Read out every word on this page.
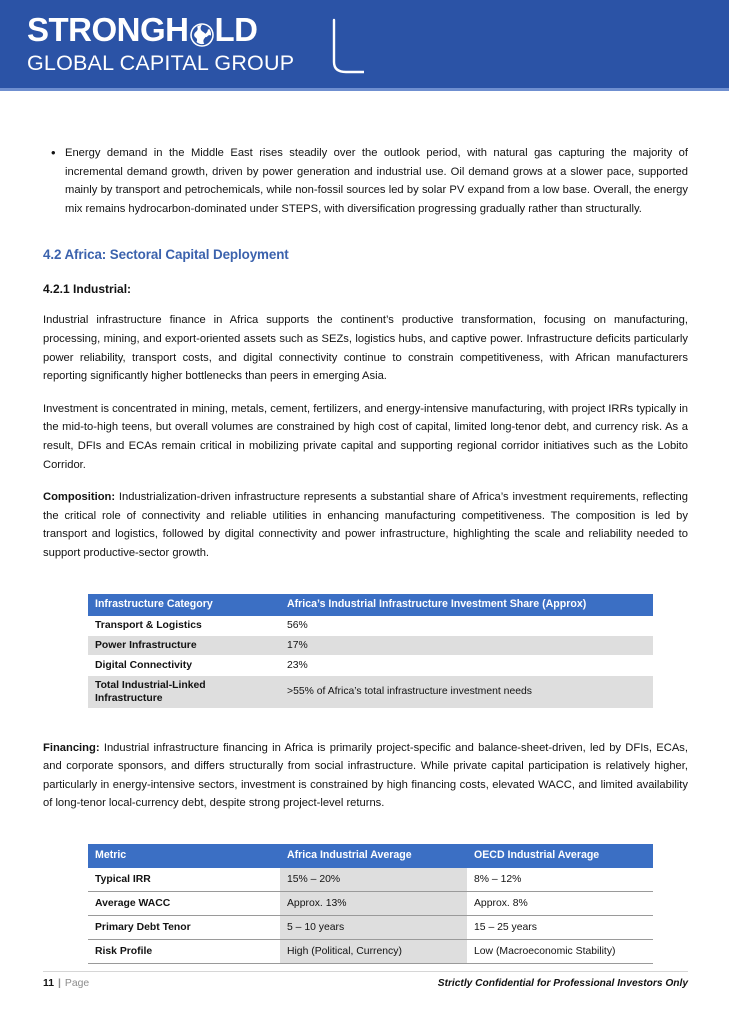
STRONGH LD
GLOBAL CAPITAL GROUP
• Energy demand in the Middle East rises steadily over the outlook period, with natural gas capturing the majority of incremental demand growth, driven by power generation and industrial use. Oil demand grows at a slower pace, supported mainly by transport and petrochemicals, while non-fossil sources led by solar PV expand from a low base. Overall, the energy mix remains hydrocarbon-dominated under STEPS, with diversification progressing gradually rather than structurally.
4.2 Africa: Sectoral Capital Deployment
4.2.1 Industrial:

Industrial infrastructure finance in Africa supports the continent’s productive transformation, focusing on manufacturing, processing, mining, and export-oriented assets such as SEZs, logistics hubs, and captive power. Infrastructure deficits particularly power reliability, transport costs, and digital connectivity continue to constrain competitiveness, with African manufacturers reporting significantly higher bottlenecks than peers in emerging Asia.

Investment is concentrated in mining, metals, cement, fertilizers, and energy-intensive manufacturing, with project IRRs typically in the mid-to-high teens, but overall volumes are constrained by high cost of capital, limited long-tenor debt, and currency risk. As a result, DFIs and ECAs remain critical in mobilizing private capital and supporting regional corridor initiatives such as the Lobito Corridor.

Composition: Industrialization-driven infrastructure represents a substantial share of Africa’s investment requirements, reflecting the critical role of connectivity and reliable utilities in enhancing manufacturing competitiveness. The composition is led by transport and logistics, followed by digital connectivity and power infrastructure, highlighting the scale and reliability needed to support productive-sector growth.

Infrastructure Category	Africa’s Industrial Infrastructure Investment Share (Approx)
Transport & Logistics	56%
Power Infrastructure	17%
Digital Connectivity	23%
Total Industrial-Linked Infrastructure	>55% of Africa’s total infrastructure investment needs

Financing: Industrial infrastructure financing in Africa is primarily project-specific and balance-sheet-driven, led by DFIs, ECAs, and corporate sponsors, and differs structurally from social infrastructure. While private capital participation is relatively higher, particularly in energy-intensive sectors, investment is constrained by high financing costs, elevated WACC, and limited availability of long-tenor local-currency debt, despite strong project-level returns.

Metric	Africa Industrial Average	OECD Industrial Average
Typical IRR	15% – 20%	8% – 12%
Average WACC	Approx. 13%	Approx. 8%
Primary Debt Tenor	5 – 10 years	15 – 25 years
Risk Profile	High (Political, Currency)	Low (Macroeconomic Stability)
11 | Page	Strictly Confidential for Professional Investors Only
